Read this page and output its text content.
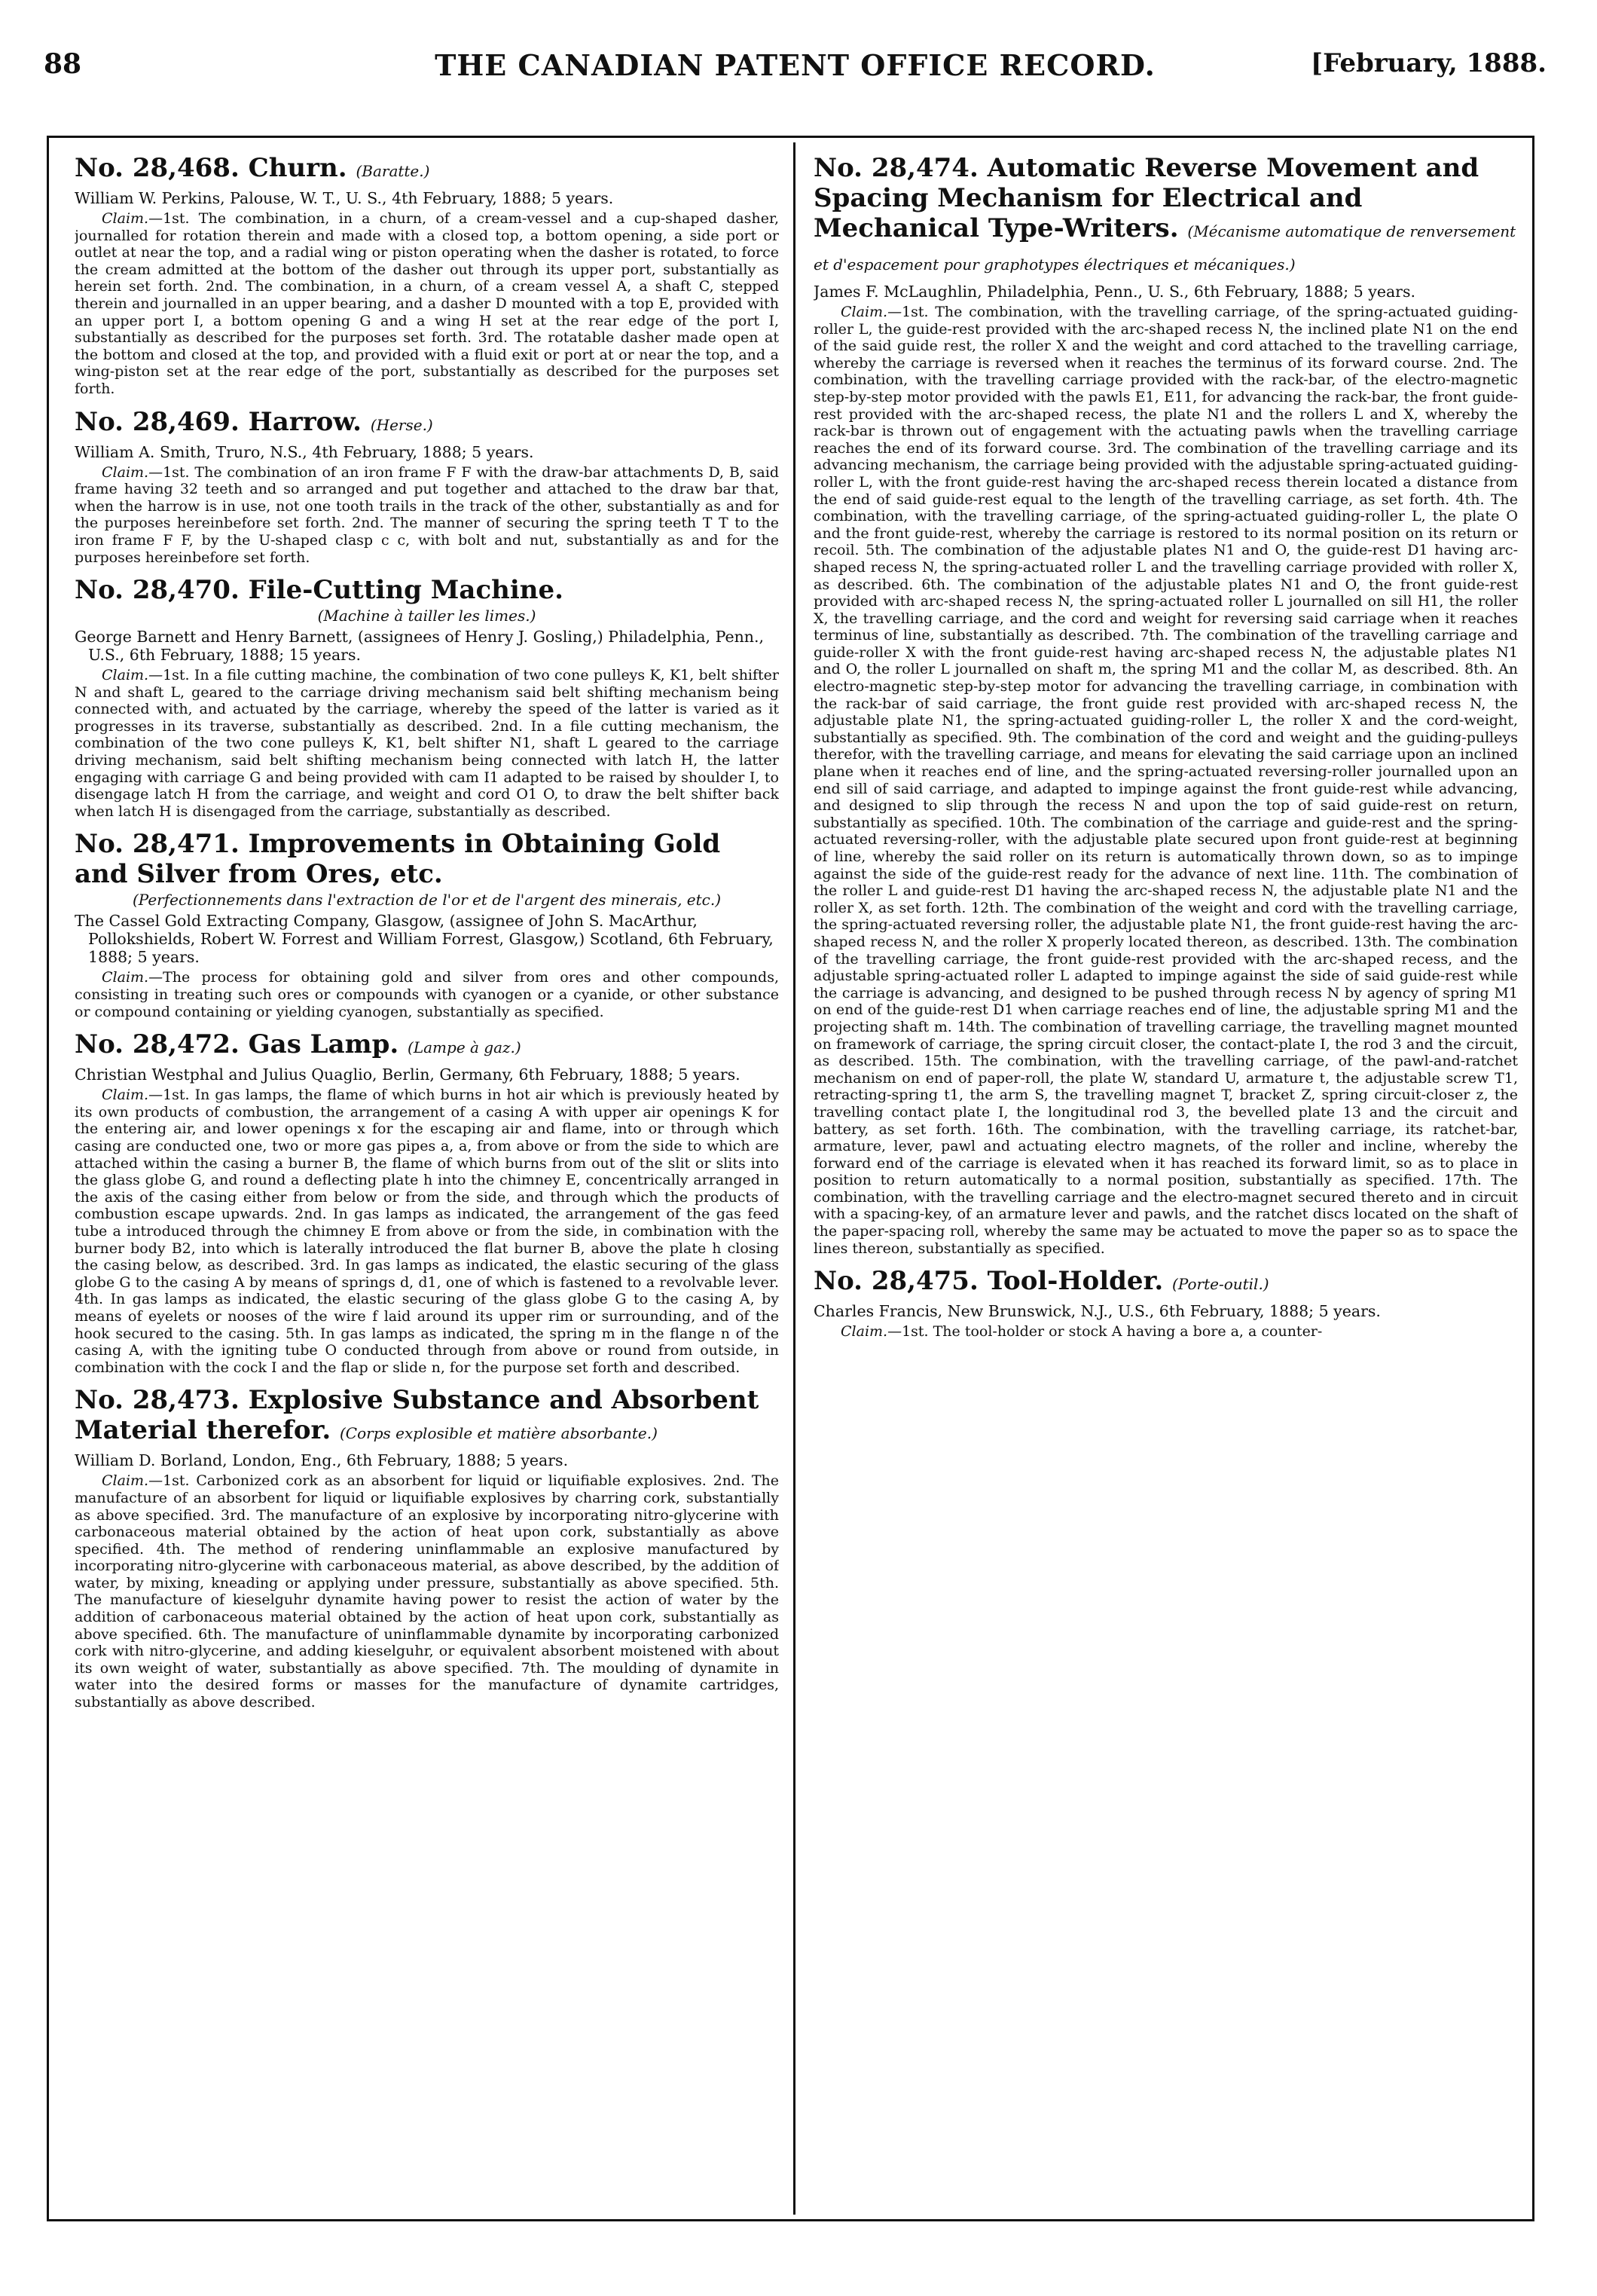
88	THE CANADIAN PATENT OFFICE RECORD.	[February, 1888.
No. 28,468. Churn. (Baratte.)

William W. Perkins, Palouse, W. T., U. S., 4th February, 1888; 5 years.

Claim.—1st. The combination, in a churn, of a cream-vessel and a cup-shaped dasher, journalled for rotation therein and made with a closed top, a bottom opening, a side port or outlet at near the top, and a radial wing or piston operating when the dasher is rotated, to force the cream admitted at the bottom of the dasher out through its upper port, substantially as herein set forth. 2nd. The combination, in a churn, of a cream vessel A, a shaft C, stepped therein and journalled in an upper bearing, and a dasher D mounted with a top E, provided with an upper port I, a bottom opening G and a wing H set at the rear edge of the port I, substantially as described for the purposes set forth. 3rd. The rotatable dasher made open at the bottom and closed at the top, and provided with a fluid exit or port at or near the top, and a wing-piston set at the rear edge of the port, substantially as described for the purposes set forth.

No. 28,469. Harrow. (Herse.)

William A. Smith, Truro, N.S., 4th February, 1888; 5 years.

Claim.—1st. The combination of an iron frame F F with the draw-bar attachments D, B, said frame having 32 teeth and so arranged and put together and attached to the draw bar that, when the harrow is in use, not one tooth trails in the track of the other, substantially as and for the purposes hereinbefore set forth. 2nd. The manner of securing the spring teeth T T to the iron frame F F, by the U-shaped clasp c c, with bolt and nut, substantially as and for the purposes hereinbefore set forth.

No. 28,470. File-Cutting Machine.
(Machine à tailler les limes.)

George Barnett and Henry Barnett, (assignees of Henry J. Gosling,) Philadelphia, Penn., U.S., 6th February, 1888; 15 years.

Claim.—1st. In a file cutting machine, the combination of two cone pulleys K, K1, belt shifter N and shaft L, geared to the carriage driving mechanism said belt shifting mechanism being connected with, and actuated by the carriage, whereby the speed of the latter is varied as it progresses in its traverse, substantially as described. 2nd. In a file cutting mechanism, the combination of the two cone pulleys K, K1, belt shifter N1, shaft L geared to the carriage driving mechanism, said belt shifting mechanism being connected with latch H, the latter engaging with carriage G and being provided with cam I1 adapted to be raised by shoulder I, to disengage latch H from the carriage, and weight and cord O1 O, to draw the belt shifter back when latch H is disengaged from the carriage, substantially as described.

No. 28,471. Improvements in Obtaining Gold and Silver from Ores, etc.
(Perfectionnements dans l'extraction de l'or et de l'argent des minerais, etc.)

The Cassel Gold Extracting Company, Glasgow, (assignee of John S. MacArthur, Pollokshields, Robert W. Forrest and William Forrest, Glasgow,) Scotland, 6th February, 1888; 5 years.

Claim.—The process for obtaining gold and silver from ores and other compounds, consisting in treating such ores or compounds with cyanogen or a cyanide, or other substance or compound containing or yielding cyanogen, substantially as specified.

No. 28,472. Gas Lamp. (Lampe à gaz.)

Christian Westphal and Julius Quaglio, Berlin, Germany, 6th February, 1888; 5 years.

Claim.—1st. In gas lamps, the flame of which burns in hot air which is previously heated by its own products of combustion, the arrangement of a casing A with upper air openings K for the entering air, and lower openings x for the escaping air and flame, into or through which casing are conducted one, two or more gas pipes a, a, from above or from the side to which are attached within the casing a burner B, the flame of which burns from out of the slit or slits into the glass globe G, and round a deflecting plate h into the chimney E, concentrically arranged in the axis of the casing either from below or from the side, and through which the products of combustion escape upwards. 2nd. In gas lamps as indicated, the arrangement of the gas feed tube a introduced through the chimney E from above or from the side, in combination with the burner body B2, into which is laterally introduced the flat burner B, above the plate h closing the casing below, as described. 3rd. In gas lamps as indicated, the elastic securing of the glass globe G to the casing A by means of springs d, d1, one of which is fastened to a revolvable lever. 4th. In gas lamps as indicated, the elastic securing of the glass globe G to the casing A, by means of eyelets or nooses of the wire f laid around its upper rim or surrounding, and of the hook secured to the casing. 5th. In gas lamps as indicated, the spring m in the flange n of the casing A, with the igniting tube O conducted through from above or round from outside, in combination with the cock I and the flap or slide n, for the purpose set forth and described.

No. 28,473. Explosive Substance and Absorbent Material therefor. (Corps explosible et matière absorbante.)

William D. Borland, London, Eng., 6th February, 1888; 5 years.

Claim.—1st. Carbonized cork as an absorbent for liquid or liquifiable explosives. 2nd. The manufacture of an absorbent for liquid or liquifiable explosives by charring cork, substantially as above specified. 3rd. The manufacture of an explosive by incorporating nitro-glycerine with carbonaceous material obtained by the action of heat upon cork, substantially as above specified. 4th. The method of rendering uninflammable an explosive manufactured by incorporating nitro-glycerine with carbonaceous material, as above described, by the addition of water, by mixing, kneading or applying under pressure, substantially as above specified. 5th. The manufacture of kieselguhr dynamite having power to resist the action of water by the addition of carbonaceous material obtained by the action of heat upon cork, substantially as above specified. 6th. The manufacture of uninflammable dynamite by incorporating carbonized cork with nitro-glycerine, and adding kieselguhr, or equivalent absorbent moistened with about its own weight of water, substantially as above specified. 7th. The moulding of dynamite in water into the desired forms or masses for the manufacture of dynamite cartridges, substantially as above described.

No. 28,474. Automatic Reverse Movement and Spacing Mechanism for Electrical and Mechanical Type-Writers. (Mécanisme automatique de renversement et d'espacement pour graphotypes électriques et mécaniques.)

James F. McLaughlin, Philadelphia, Penn., U. S., 6th February, 1888; 5 years.

Claim.—1st. The combination, with the travelling carriage, of the spring-actuated guiding-roller L, the guide-rest provided with the arc-shaped recess N, the inclined plate N1 on the end of the said guide rest, the roller X and the weight and cord attached to the travelling carriage, whereby the carriage is reversed when it reaches the terminus of its forward course. 2nd. The combination, with the travelling carriage provided with the rack-bar, of the electro-magnetic step-by-step motor provided with the pawls E1, E11, for advancing the rack-bar, the front guide-rest provided with the arc-shaped recess, the plate N1 and the rollers L and X, whereby the rack-bar is thrown out of engagement with the actuating pawls when the travelling carriage reaches the end of its forward course. 3rd. The combination of the travelling carriage and its advancing mechanism, the carriage being provided with the adjustable spring-actuated guiding-roller L, with the front guide-rest having the arc-shaped recess therein located a distance from the end of said guide-rest equal to the length of the travelling carriage, as set forth. 4th. The combination, with the travelling carriage, of the spring-actuated guiding-roller L, the plate O and the front guide-rest, whereby the carriage is restored to its normal position on its return or recoil. 5th. The combination of the adjustable plates N1 and O, the guide-rest D1 having arc-shaped recess N, the spring-actuated roller L and the travelling carriage provided with roller X, as described. 6th. The combination of the adjustable plates N1 and O, the front guide-rest provided with arc-shaped recess N, the spring-actuated roller L journalled on sill H1, the roller X, the travelling carriage, and the cord and weight for reversing said carriage when it reaches terminus of line, substantially as described. 7th. The combination of the travelling carriage and guide-roller X with the front guide-rest having arc-shaped recess N, the adjustable plates N1 and O, the roller L journalled on shaft m, the spring M1 and the collar M, as described. 8th. An electro-magnetic step-by-step motor for advancing the travelling carriage, in combination with the rack-bar of said carriage, the front guide rest provided with arc-shaped recess N, the adjustable plate N1, the spring-actuated guiding-roller L, the roller X and the cord-weight, substantially as specified. 9th. The combination of the cord and weight and the guiding-pulleys therefor, with the travelling carriage, and means for elevating the said carriage upon an inclined plane when it reaches end of line, and the spring-actuated reversing-roller journalled upon an end sill of said carriage, and adapted to impinge against the front guide-rest while advancing, and designed to slip through the recess N and upon the top of said guide-rest on return, substantially as specified. 10th. The combination of the carriage and guide-rest and the spring-actuated reversing-roller, with the adjustable plate secured upon front guide-rest at beginning of line, whereby the said roller on its return is automatically thrown down, so as to impinge against the side of the guide-rest ready for the advance of next line. 11th. The combination of the roller L and guide-rest D1 having the arc-shaped recess N, the adjustable plate N1 and the roller X, as set forth. 12th. The combination of the weight and cord with the travelling carriage, the spring-actuated reversing roller, the adjustable plate N1, the front guide-rest having the arc-shaped recess N, and the roller X properly located thereon, as described. 13th. The combination of the travelling carriage, the front guide-rest provided with the arc-shaped recess, and the adjustable spring-actuated roller L adapted to impinge against the side of said guide-rest while the carriage is advancing, and designed to be pushed through recess N by agency of spring M1 on end of the guide-rest D1 when carriage reaches end of line, the adjustable spring M1 and the projecting shaft m. 14th. The combination of travelling carriage, the travelling magnet mounted on framework of carriage, the spring circuit closer, the contact-plate I, the rod 3 and the circuit, as described. 15th. The combination, with the travelling carriage, of the pawl-and-ratchet mechanism on end of paper-roll, the plate W, standard U, armature t, the adjustable screw T1, retracting-spring t1, the arm S, the travelling magnet T, bracket Z, spring circuit-closer z, the travelling contact plate I, the longitudinal rod 3, the bevelled plate 13 and the circuit and battery, as set forth. 16th. The combination, with the travelling carriage, its ratchet-bar, armature, lever, pawl and actuating electro magnets, of the roller and incline, whereby the forward end of the carriage is elevated when it has reached its forward limit, so as to place in position to return automatically to a normal position, substantially as specified. 17th. The combination, with the travelling carriage and the electro-magnet secured thereto and in circuit with a spacing-key, of an armature lever and pawls, and the ratchet discs located on the shaft of the paper-spacing roll, whereby the same may be actuated to move the paper so as to space the lines thereon, substantially as specified.

No. 28,475. Tool-Holder. (Porte-outil.)

Charles Francis, New Brunswick, N.J., U.S., 6th February, 1888; 5 years.

Claim.—1st. The tool-holder or stock A having a bore a, a counter-
